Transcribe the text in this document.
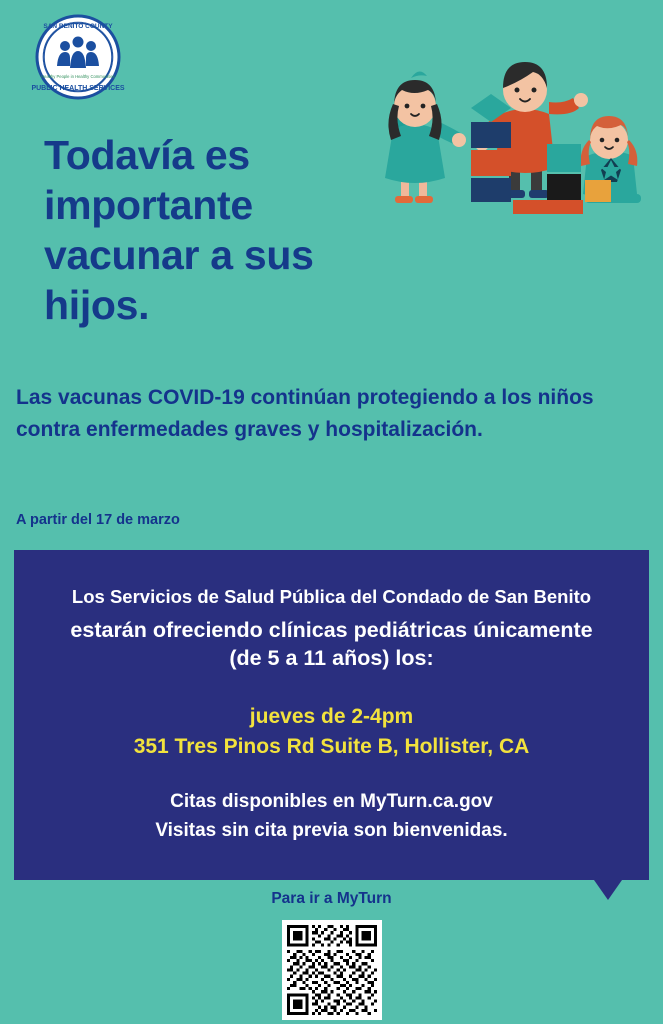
SAN BENITO COUNTY
PUBLIC HEALTH SERVICES
Healthy People in Healthy Communities
Todavía es importante vacunar a sus hijos.
Las vacunas COVID-19 continúan protegiendo a los niños contra enfermedades graves y hospitalización.
A partir del 17 de marzo
Los Servicios de Salud Pública del Condado de San Benito
estarán ofreciendo clínicas pediátricas únicamente (de 5 a 11 años) los:
jueves de 2-4pm
351 Tres Pinos Rd Suite B, Hollister, CA
Citas disponibles en MyTurn.ca.gov
Visitas sin cita previa son bienvenidas.
Para ir a MyTurn
